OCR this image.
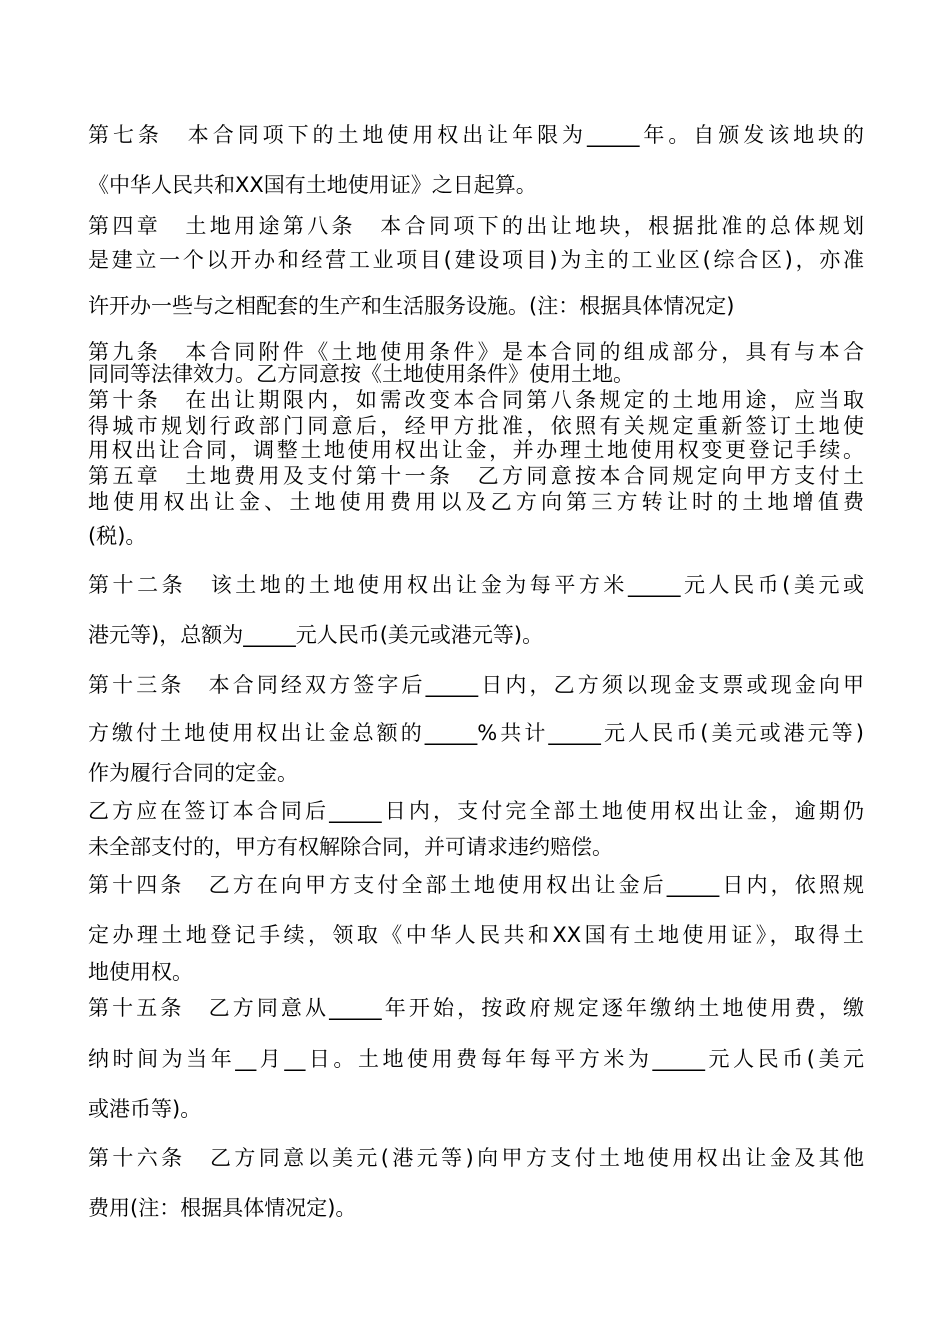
第七条　本合同项下的土地使用权出让年限为_____年。自颁发该地块的

《中华人民共和XX国有土地使用证》之日起算。

第四章　土地用途第八条　本合同项下的出让地块，根据批准的总体规划

是建立一个以开办和经营工业项目(建设项目)为主的工业区(综合区)，亦准

许开办一些与之相配套的生产和生活服务设施。(注：根据具体情况定)

第九条　本合同附件《土地使用条件》是本合同的组成部分，具有与本合

同同等法律效力。乙方同意按《土地使用条件》使用土地。

第十条　在出让期限内，如需改变本合同第八条规定的土地用途，应当取

得城市规划行政部门同意后，经甲方批准，依照有关规定重新签订土地使

用权出让合同，调整土地使用权出让金，并办理土地使用权变更登记手续。

第五章　土地费用及支付第十一条　乙方同意按本合同规定向甲方支付土

地使用权出让金、土地使用费用以及乙方向第三方转让时的土地增值费

(税)。

第十二条　该土地的土地使用权出让金为每平方米_____元人民币(美元或

港元等)，总额为_____元人民币(美元或港元等)。

第十三条　本合同经双方签字后_____日内，乙方须以现金支票或现金向甲

方缴付土地使用权出让金总额的_____%共计_____元人民币(美元或港元等)

作为履行合同的定金。

乙方应在签订本合同后_____日内，支付完全部土地使用权出让金，逾期仍

未全部支付的，甲方有权解除合同，并可请求违约赔偿。

第十四条　乙方在向甲方支付全部土地使用权出让金后_____日内，依照规

定办理土地登记手续，领取《中华人民共和XX国有土地使用证》，取得土

地使用权。

第十五条　乙方同意从_____年开始，按政府规定逐年缴纳土地使用费，缴

纳时间为当年__月__日。土地使用费每年每平方米为_____元人民币(美元

或港币等)。

第十六条　乙方同意以美元(港元等)向甲方支付土地使用权出让金及其他

费用(注：根据具体情况定)。
